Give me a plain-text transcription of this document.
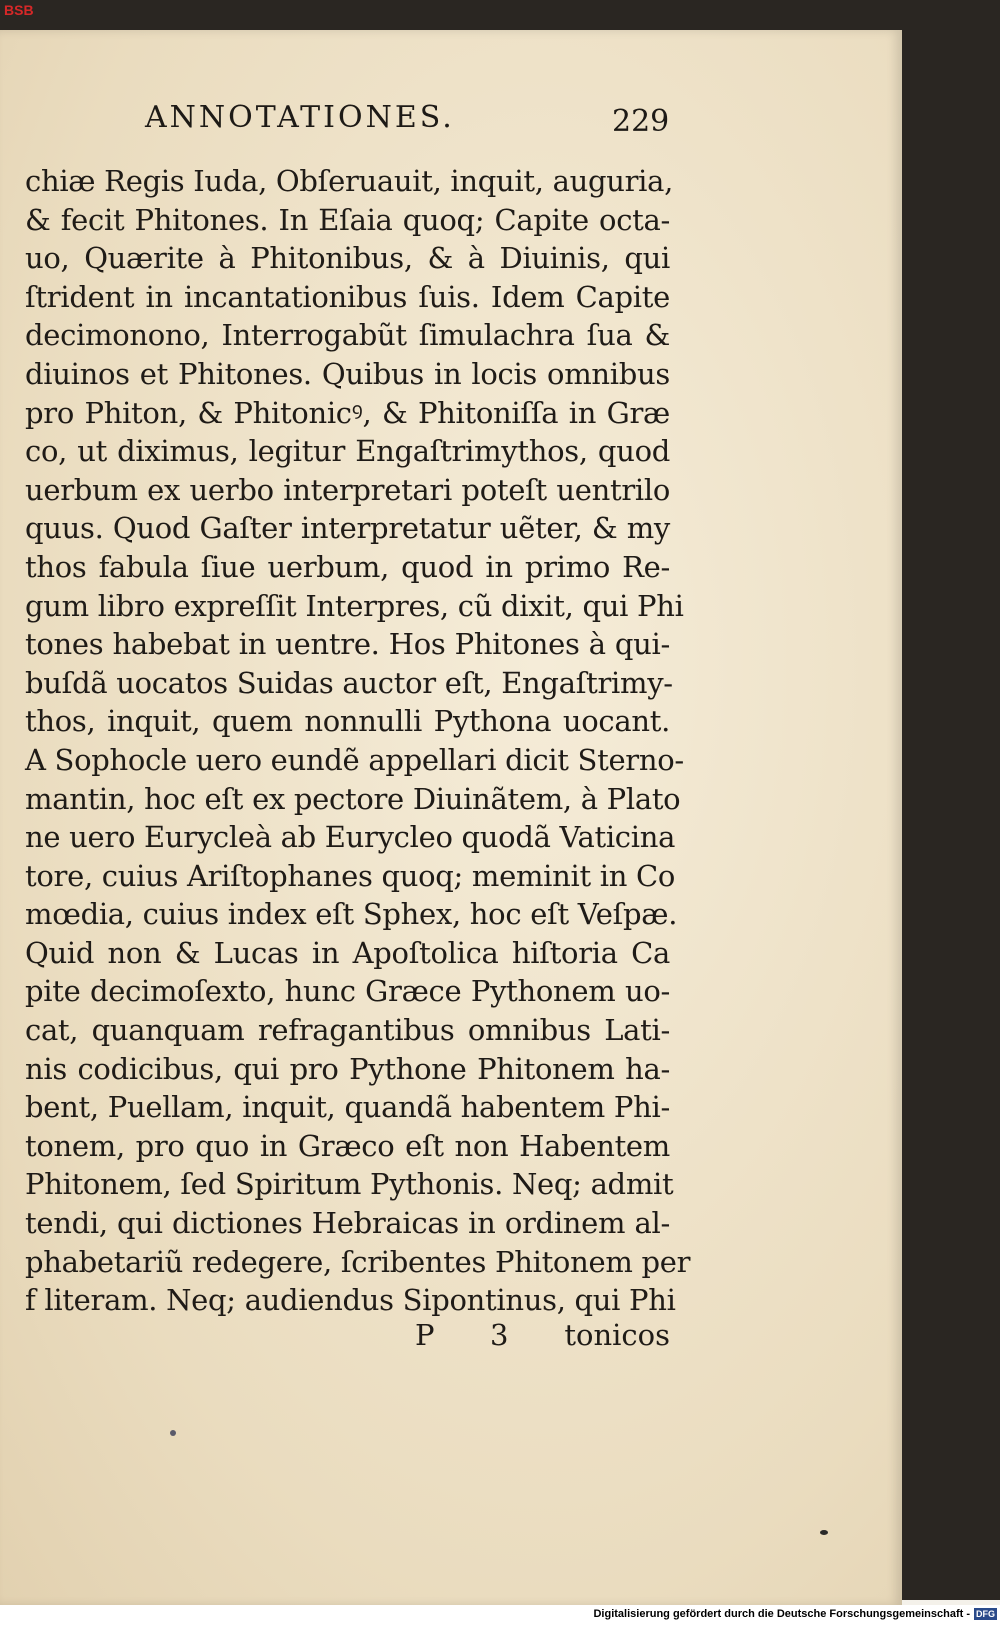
BSB
ANNOTATIONES.	229
chiæ Regis Iuda, Obſeruauit, inquit, auguria,
& fecit Phitones. In Eſaia quoq; Capite octa-
uo, Quærite à Phitonibus, & à Diuinis, qui
ſtrident in incantationibus ſuis. Idem Capite
decimonono, Interrogabũt ſimulachra ſua &
diuinos et Phitones. Quibus in locis omnibus
pro Phiton, & Phitonicꝰ, & Phitoniſſa in Græ
co, ut diximus, legitur Engaſtrimythos, quod
uerbum ex uerbo interpretari poteſt uentrilo
quus. Quod Gaſter interpretatur uẽter, & my
thos fabula ſiue uerbum, quod in primo Re-
gum libro expreſſit Interpres, cũ dixit, qui Phi
tones habebat in uentre. Hos Phitones à qui-
buſdã uocatos Suidas auctor eſt, Engaſtrimy-
thos, inquit, quem nonnulli Pythona uocant.
A Sophocle uero eundẽ appellari dicit Sterno-
mantin, hoc eſt ex pectore Diuinãtem, à Plato
ne uero Eurycleà ab Eurycleo quodã Vaticina
tore, cuius Ariſtophanes quoq; meminit in Co
mœdia, cuius index eſt Sphex, hoc eſt Veſpæ.
Quid non & Lucas in Apoſtolica hiſtoria Ca
pite decimoſexto, hunc Græce Pythonem uo-
cat, quanquam refragantibus omnibus Lati-
nis codicibus, qui pro Pythone Phitonem ha-
bent, Puellam, inquit, quandã habentem Phi-
tonem, pro quo in Græco eſt non Habentem
Phitonem, ſed Spiritum Pythonis. Neq; admit
tendi, qui dictiones Hebraicas in ordinem al-
phabetariũ redegere, ſcribentes Phitonem per
f literam. Neq; audiendus Sipontinus, qui Phi
P 3 tonicos
Digitalisierung gefördert durch die Deutsche Forschungsgemeinschaft - DFG
